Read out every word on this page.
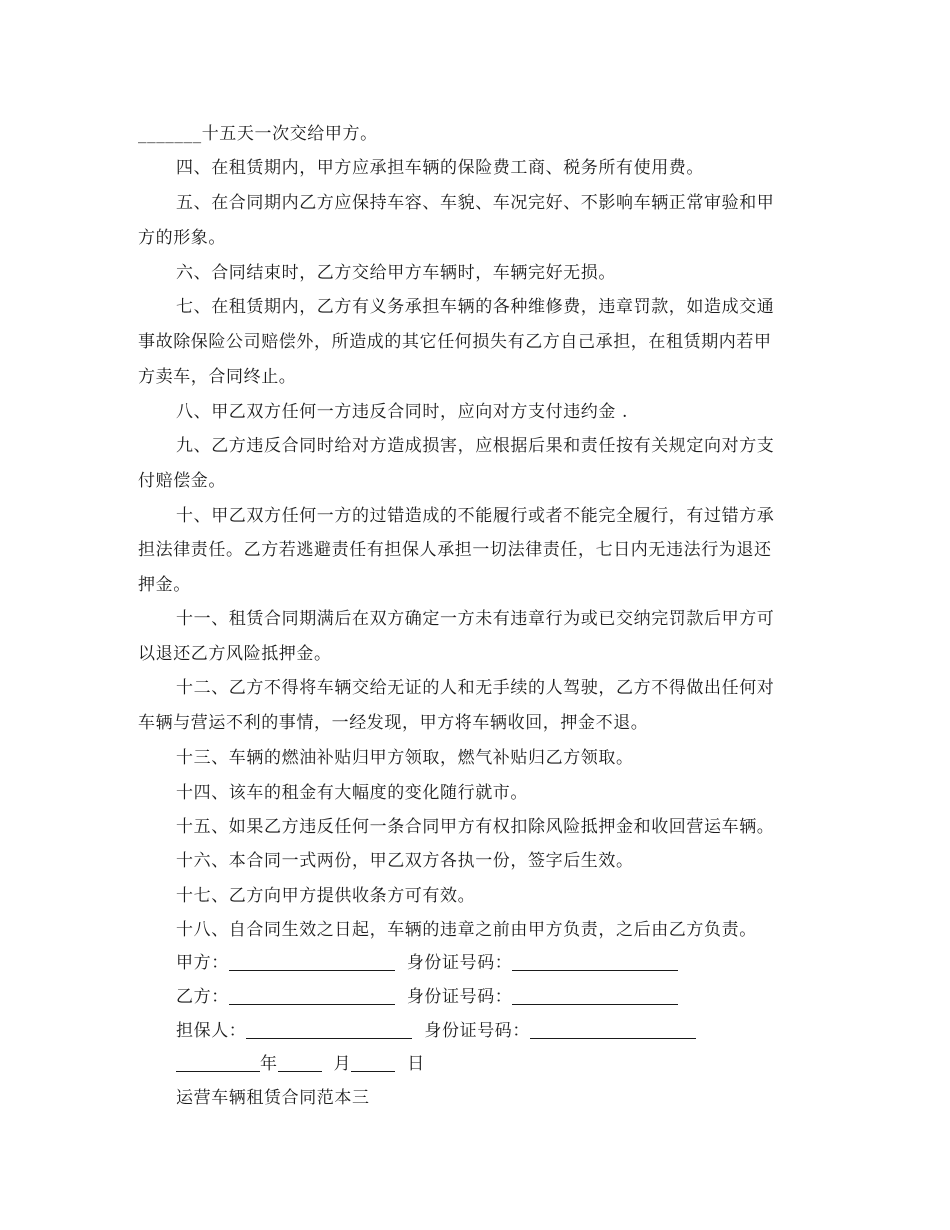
_______十五天一次交给甲方。
四、在租赁期内，甲方应承担车辆的保险费工商、税务所有使用费。
五、在合同期内乙方应保持车容、车貌、车况完好、不影响车辆正常审验和甲
方的形象。
六、合同结束时，乙方交给甲方车辆时，车辆完好无损。
七、在租赁期内，乙方有义务承担车辆的各种维修费，违章罚款，如造成交通
事故除保险公司赔偿外，所造成的其它任何损失有乙方自己承担，在租赁期内若甲
方卖车，合同终止。
八、甲乙双方任何一方违反合同时，应向对方支付违约金 .
九、乙方违反合同时给对方造成损害，应根据后果和责任按有关规定向对方支
付赔偿金。
十、甲乙双方任何一方的过错造成的不能履行或者不能完全履行，有过错方承
担法律责任。乙方若逃避责任有担保人承担一切法律责任，七日内无违法行为退还
押金。
十一、租赁合同期满后在双方确定一方未有违章行为或已交纳完罚款后甲方可
以退还乙方风险抵押金。
十二、乙方不得将车辆交给无证的人和无手续的人驾驶，乙方不得做出任何对
车辆与营运不利的事情，一经发现，甲方将车辆收回，押金不退。
十三、车辆的燃油补贴归甲方领取，燃气补贴归乙方领取。
十四、该车的租金有大幅度的变化随行就市。
十五、如果乙方违反任何一条合同甲方有权扣除风险抵押金和收回营运车辆。
十六、本合同一式两份，甲乙双方各执一份，签字后生效。
十七、乙方向甲方提供收条方可有效。
十八、自合同生效之日起，车辆的违章之前由甲方负责，之后由乙方负责。
甲方：	身份证号码：
乙方：	身份证号码：
担保人：	身份证号码：
年	月	日
运营车辆租赁合同范本三
